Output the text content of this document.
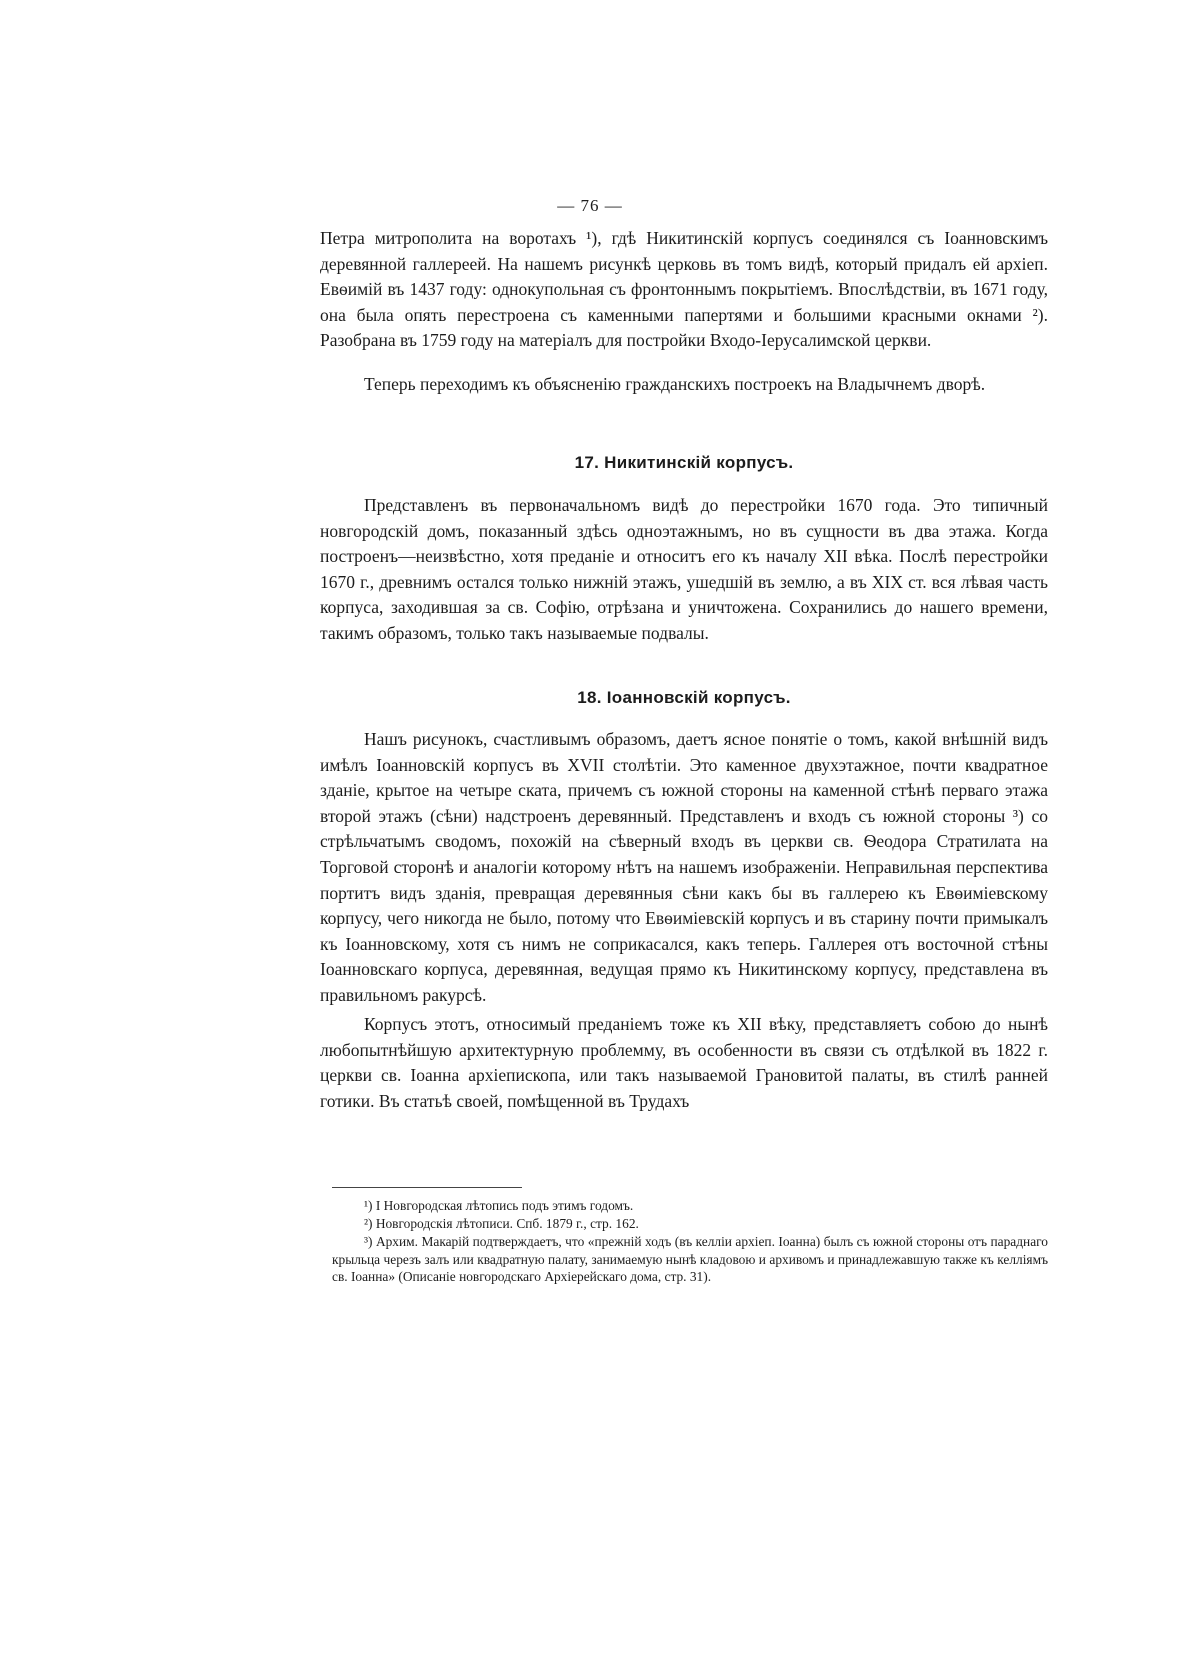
— 76 —

Петра митрополита на воротахъ ¹), гдѣ Никитинскій корпусъ соединялся съ Іоанновскимъ деревянной галлереей. На нашемъ рисункѣ церковь въ томъ видѣ, который придалъ ей архіеп. Евѳимій въ 1437 году: однокупольная съ фронтоннымъ покрытіемъ. Впослѣдствіи, въ 1671 году, она была опять перестроена съ каменными папертями и большими красными окнами ²). Разобрана въ 1759 году на матеріалъ для постройки Входо-Іерусалимской церкви.

Теперь переходимъ къ объясненію гражданскихъ построекъ на Владычнемъ дворѣ.

17. Никитинскій корпусъ.

Представленъ въ первоначальномъ видѣ до перестройки 1670 года. Это типичный новгородскій домъ, показанный здѣсь одноэтажнымъ, но въ сущности въ два этажа. Когда построенъ—неизвѣстно, хотя преданіе и относитъ его къ началу XII вѣка. Послѣ перестройки 1670 г., древнимъ остался только нижній этажъ, ушедшій въ землю, а въ XIX ст. вся лѣвая часть корпуса, заходившая за св. Софію, отрѣзана и уничтожена. Сохранились до нашего времени, такимъ образомъ, только такъ называемые подвалы.

18. Іоанновскій корпусъ.

Нашъ рисунокъ, счастливымъ образомъ, даетъ ясное понятіе о томъ, какой внѣшній видъ имѣлъ Іоанновскій корпусъ въ XVII столѣтіи. Это каменное двухэтажное, почти квадратное зданіе, крытое на четыре ската, причемъ съ южной стороны на каменной стѣнѣ перваго этажа второй этажъ (сѣни) надстроенъ деревянный. Представленъ и входъ съ южной стороны ³) со стрѣльчатымъ сводомъ, похожій на сѣверный входъ въ церкви св. Ѳеодора Стратилата на Торговой сторонѣ и аналогіи которому нѣтъ на нашемъ изображеніи. Неправильная перспектива портитъ видъ зданія, превращая деревянныя сѣни какъ бы въ галлерею къ Евѳиміевскому корпусу, чего никогда не было, потому что Евѳиміевскій корпусъ и въ старину почти примыкалъ къ Іоанновскому, хотя съ нимъ не соприкасался, какъ теперь. Галлерея отъ восточной стѣны Іоанновскаго корпуса, деревянная, ведущая прямо къ Никитинскому корпусу, представлена въ правильномъ ракурсѣ.

Корпусъ этотъ, относимый преданіемъ тоже къ XII вѣку, представляетъ собою до нынѣ любопытнѣйшую архитектурную проблемму, въ особенности въ связи съ отдѣлкой въ 1822 г. церкви св. Іоанна архіепископа, или такъ называемой Грановитой палаты, въ стилѣ ранней готики. Въ статьѣ своей, помѣщенной въ Трудахъ

¹) I Новгородская лѣтопись подъ этимъ годомъ.

²) Новгородскія лѣтописи. Спб. 1879 г., стр. 162.

³) Архим. Макарій подтверждаетъ, что «прежній ходъ (въ келліи архіеп. Іоанна) былъ съ южной стороны отъ параднаго крыльца черезъ залъ или квадратную палату, занимаемую нынѣ кладовою и архивомъ и принадлежавшую также къ келліямъ св. Іоанна» (Описаніе новгородскаго Архіерейскаго дома, стр. 31).
